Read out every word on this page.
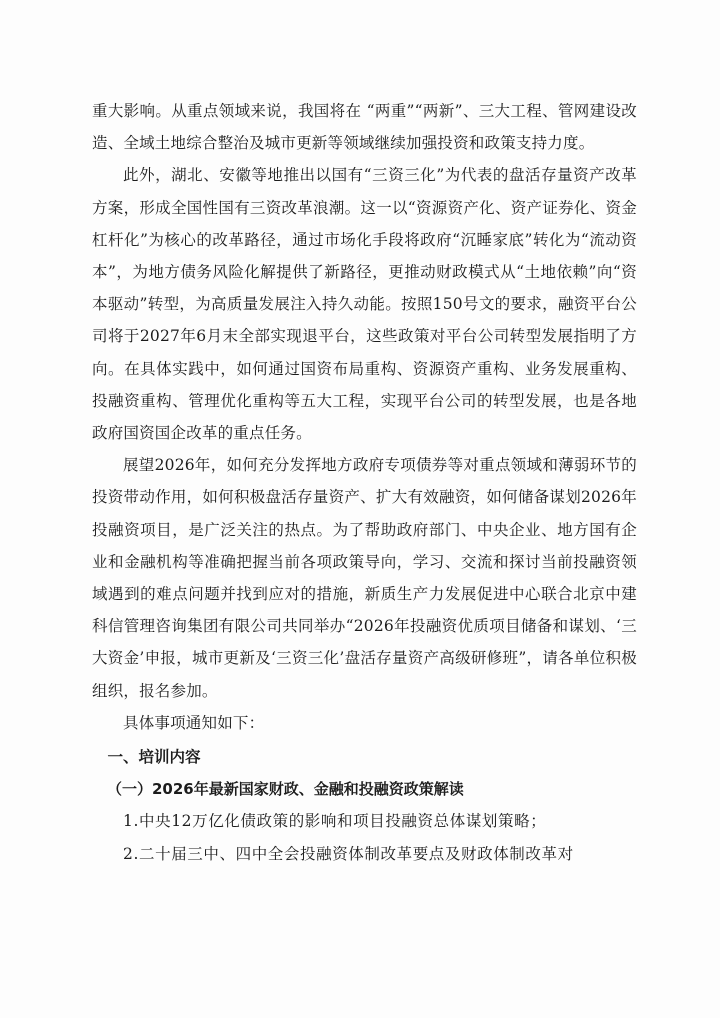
重大影响。从重点领域来说，我国将在 “两重”“两新”、三大工程、管网建设改造、全域土地综合整治及城市更新等领域继续加强投资和政策支持力度。

此外，湖北、安徽等地推出以国有“三资三化”为代表的盘活存量资产改革方案，形成全国性国有三资改革浪潮。这一以“资源资产化、资产证券化、资金杠杆化”为核心的改革路径，通过市场化手段将政府“沉睡家底”转化为“流动资本”，为地方债务风险化解提供了新路径，更推动财政模式从“土地依赖”向“资本驱动”转型，为高质量发展注入持久动能。按照150号文的要求，融资平台公司将于2027年6月末全部实现退平台，这些政策对平台公司转型发展指明了方向。在具体实践中，如何通过国资布局重构、资源资产重构、业务发展重构、投融资重构、管理优化重构等五大工程，实现平台公司的转型发展，也是各地政府国资国企改革的重点任务。

展望2026年，如何充分发挥地方政府专项债券等对重点领域和薄弱环节的投资带动作用，如何积极盘活存量资产、扩大有效融资，如何储备谋划2026年投融资项目，是广泛关注的热点。为了帮助政府部门、中央企业、地方国有企业和金融机构等准确把握当前各项政策导向，学习、交流和探讨当前投融资领域遇到的难点问题并找到应对的措施，新质生产力发展促进中心联合北京中建科信管理咨询集团有限公司共同举办“2026年投融资优质项目储备和谋划、‘三大资金’申报，城市更新及‘三资三化’盘活存量资产高级研修班”，请各单位积极组织，报名参加。

具体事项通知如下：

一、培训内容

（一）2026年最新国家财政、金融和投融资政策解读

1.中央12万亿化债政策的影响和项目投融资总体谋划策略；

2.二十届三中、四中全会投融资体制改革要点及财政体制改革对
